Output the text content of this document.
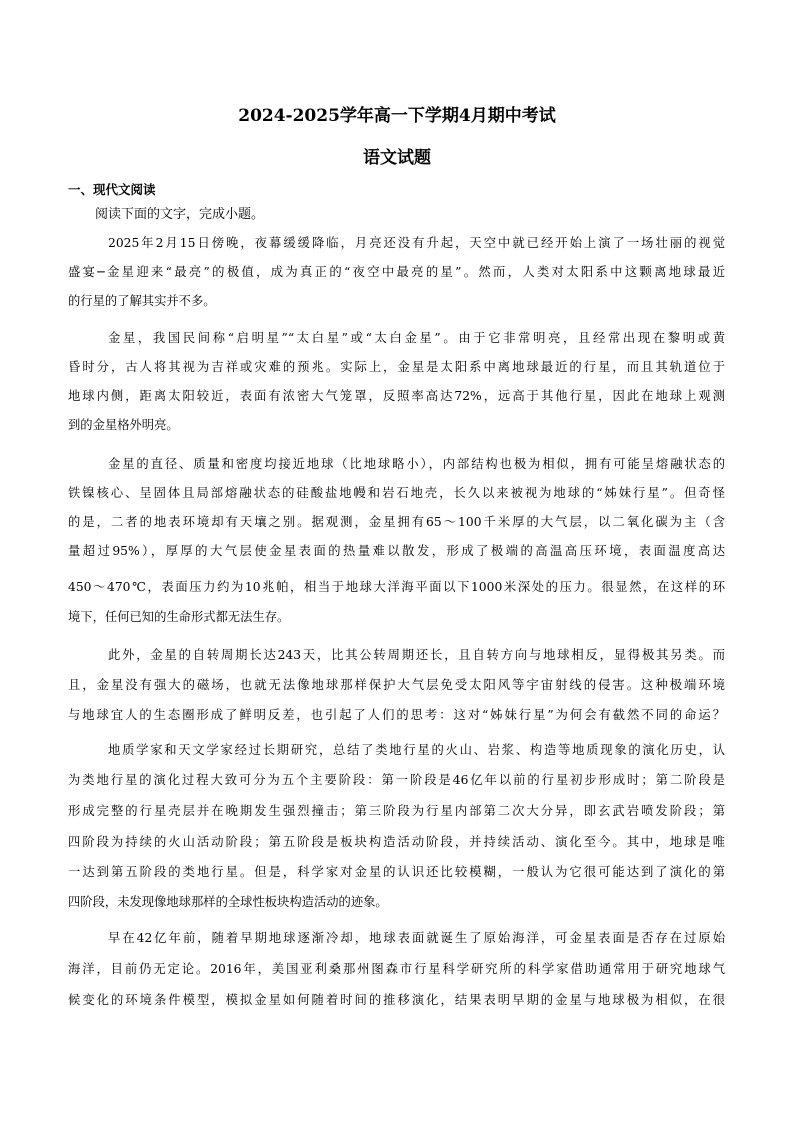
2024-2025学年高一下学期4月期中考试
语文试题
一、现代文阅读
阅读下面的文字，完成小题。
2025年2月15日傍晚，夜幕缓缓降临，月亮还没有升起，天空中就已经开始上演了一场壮丽的视觉
盛宴─金星迎来“最亮”的极值，成为真正的“夜空中最亮的星”。然而，人类对太阳系中这颗离地球最近
的行星的了解其实并不多。
金星，我国民间称“启明星”“太白星”或“太白金星”。由于它非常明亮，且经常出现在黎明或黄
昏时分，古人将其视为吉祥或灾难的预兆。实际上，金星是太阳系中离地球最近的行星，而且其轨道位于
地球内侧，距离太阳较近，表面有浓密大气笼罩，反照率高达72%，远高于其他行星，因此在地球上观测
到的金星格外明亮。
金星的直径、质量和密度均接近地球（比地球略小），内部结构也极为相似，拥有可能呈熔融状态的
铁镍核心、呈固体且局部熔融状态的硅酸盐地幔和岩石地壳，长久以来被视为地球的“姊妹行星”。但奇怪
的是，二者的地表环境却有天壤之别。据观测，金星拥有65～100千米厚的大气层，以二氧化碳为主（含
量超过95%），厚厚的大气层使金星表面的热量难以散发，形成了极端的高温高压环境，表面温度高达
450～470℃，表面压力约为10兆帕，相当于地球大洋海平面以下1000米深处的压力。很显然，在这样的环
境下，任何已知的生命形式都无法生存。
此外，金星的自转周期长达243天，比其公转周期还长，且自转方向与地球相反，显得极其另类。而
且，金星没有强大的磁场，也就无法像地球那样保护大气层免受太阳风等宇宙射线的侵害。这种极端环境
与地球宜人的生态圈形成了鲜明反差，也引起了人们的思考：这对“姊妹行星”为何会有截然不同的命运？
地质学家和天文学家经过长期研究，总结了类地行星的火山、岩浆、构造等地质现象的演化历史，认
为类地行星的演化过程大致可分为五个主要阶段：第一阶段是46亿年以前的行星初步形成时；第二阶段是
形成完整的行星壳层并在晚期发生强烈撞击；第三阶段为行星内部第二次大分异，即玄武岩喷发阶段；第
四阶段为持续的火山活动阶段；第五阶段是板块构造活动阶段，并持续活动、演化至今。其中，地球是唯
一达到第五阶段的类地行星。但是，科学家对金星的认识还比较模糊，一般认为它很可能达到了演化的第
四阶段，未发现像地球那样的全球性板块构造活动的迹象。
早在42亿年前，随着早期地球逐渐冷却，地球表面就诞生了原始海洋，可金星表面是否存在过原始
海洋，目前仍无定论。2016年，美国亚利桑那州图森市行星科学研究所的科学家借助通常用于研究地球气
候变化的环境条件模型，模拟金星如何随着时间的推移演化，结果表明早期的金星与地球极为相似，在很
